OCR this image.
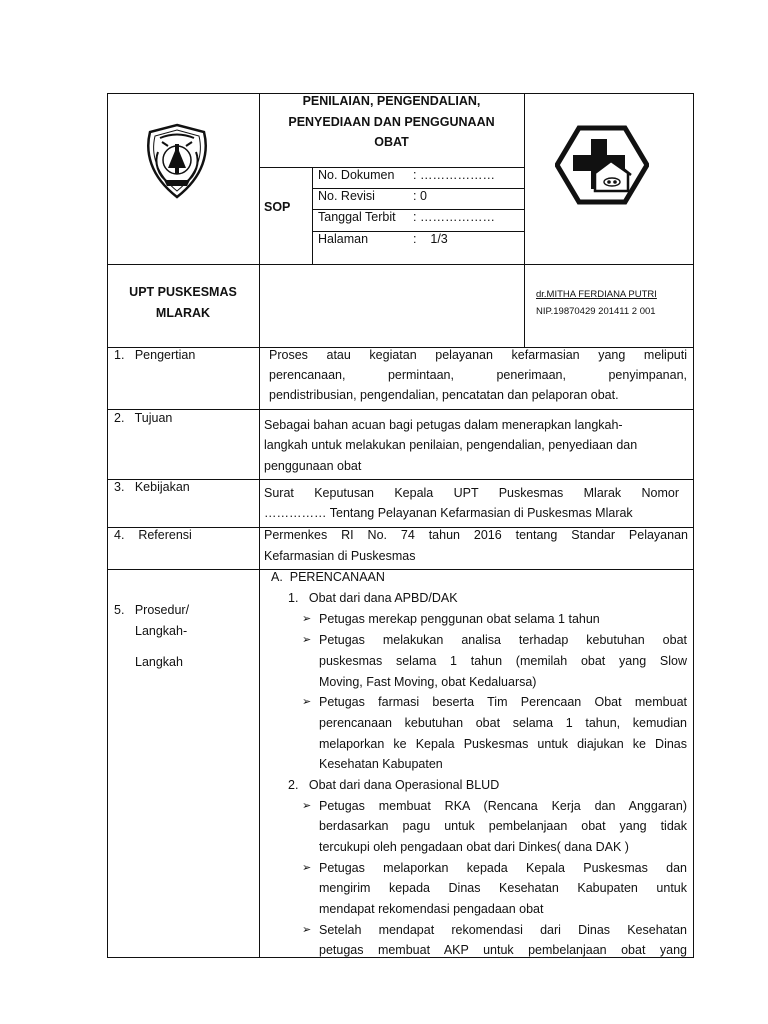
PENILAIAN, PENGENDALIAN,
PENYEDIAAN DAN PENGGUNAAN
OBAT
SOP
No. Dokumen : ………………
No. Revisi	: 0
Tanggal Terbit : ………………
Halaman	:    1/3
UPT PUSKESMAS
MLARAK
dr.MITHA FERDIANA PUTRI
NIP.19870429 201411 2 001
1.   Pengertian	Proses atau kegiatan pelayanan kefarmasian yang meliputi
perencanaan, permintaan, penerimaan, penyimpanan,
pendistribusian, pengendalian, pencatatan dan pelaporan obat.
2.   Tujuan	Sebagai bahan acuan bagi petugas dalam menerapkan langkah-
langkah untuk melakukan penilaian, pengendalian, penyediaan dan
penggunaan obat
3.   Kebijakan	Surat Keputusan Kepala UPT Puskesmas Mlarak Nomor
…………… Tentang Pelayanan Kefarmasian di Puskesmas Mlarak
4.    Referensi	Permenkes RI No. 74 tahun 2016 tentang Standar Pelayanan
Kefarmasian di Puskesmas
5.   Prosedur/
Langkah-
Langkah
A.  PERENCANAAN
1.   Obat dari dana APBD/DAK
➢ Petugas merekap penggunan obat selama 1 tahun
➢ Petugas melakukan analisa terhadap kebutuhan obat
puskesmas selama 1 tahun (memilah obat yang Slow
Moving, Fast Moving, obat Kedaluarsa)
➢ Petugas farmasi beserta Tim Perencaan Obat membuat
perencanaan kebutuhan obat selama 1 tahun, kemudian
melaporkan ke Kepala Puskesmas untuk diajukan ke Dinas
Kesehatan Kabupaten
2.   Obat dari dana Operasional BLUD
➢ Petugas membuat RKA (Rencana Kerja dan Anggaran)
berdasarkan pagu untuk pembelanjaan obat yang tidak
tercukupi oleh pengadaan obat dari Dinkes( dana DAK )
➢ Petugas melaporkan kepada Kepala Puskesmas dan
mengirim kepada Dinas Kesehatan Kabupaten untuk
mendapat rekomendasi pengadaan obat
➢ Setelah mendapat rekomendasi dari Dinas Kesehatan
petugas membuat AKP untuk pembelanjaan obat yang
